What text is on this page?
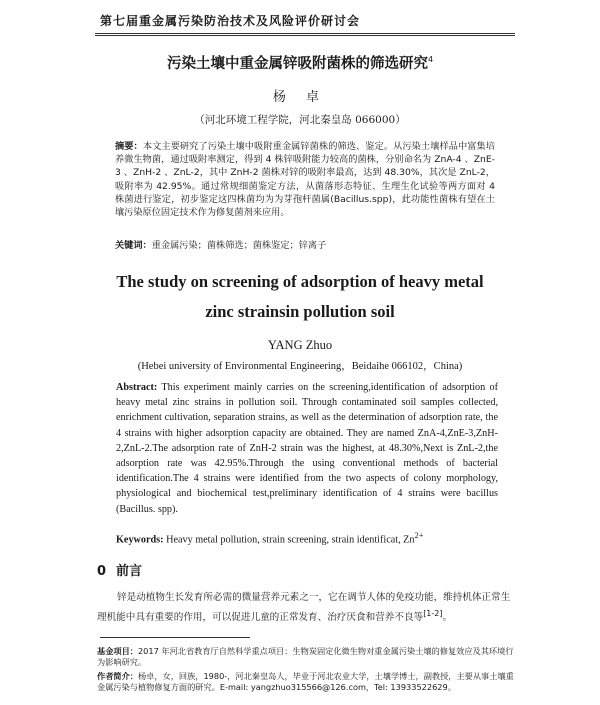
第七届重金属污染防治技术及风险评价研讨会
污染土壤中重金属锌吸附菌株的筛选研究$^4$
杨 卓
（河北环境工程学院，河北秦皇岛 066000）
摘要：本文主要研究了污染土壤中吸附重金属锌菌株的筛选、鉴定。从污染土壤样品中富集培养微生物菌，通过吸附率测定，得到 4 株锌吸附能力较高的菌株，分别命名为 ZnA-4 、ZnE-3 、ZnH-2 、ZnL-2，其中 ZnH-2 菌株对锌的吸附率最高，达到 48.30%，其次是 ZnL-2，吸附率为 42.95%。通过常规细菌鉴定方法，从菌落形态特征、生理生化试验等两方面对 4 株菌进行鉴定，初步鉴定这四株菌均为为芽孢杆菌属(Bacillus.spp)，此功能性菌株有望在土壤污染原位固定技术作为修复菌剂来应用。
关键词：重金属污染；菌株筛选；菌株鉴定；锌离子
The study on screening of adsorption of heavy metal
zinc strainsin pollution soil
YANG Zhuo
(Hebei university of Environmental Engineering，Beidaihe 066102，China)
Abstract: This experiment mainly carries on the screening,identification of adsorption of heavy metal zinc strains in pollution soil. Through contaminated soil samples collected, enrichment cultivation, separation strains, as well as the determination of adsorption rate, the 4 strains with higher adsorption capacity are obtained. They are named ZnA-4,ZnE-3,ZnH-2,ZnL-2.The adsorption rate of ZnH-2 strain was the highest, at 48.30%,Next is ZnL-2,the adsorption rate was 42.95%.Through the using conventional methods of bacterial identification.The 4 strains were identified from the two aspects of colony morphology, physiological and biochemical test,preliminary identification of 4 strains were bacillus (Bacillus. spp).
Keywords: Heavy metal pollution, strain screening, strain identificat, $Zn^{2+}$
0 前言
锌是动植物生长发育所必需的微量营养元素之一，它在调节人体的免疫功能，维持机体正常生理机能中具有重要的作用，可以促进儿童的正常发育、治疗厌食和营养不良等[1-2]。
基金项目：2017 年河北省教育厅自然科学重点项目：生物炭固定化微生物对重金属污染土壤的修复效应及其环境行为影响研究。
作者简介：杨卓，女，回族，1980-，河北秦皇岛人，毕业于河北农业大学，土壤学博士，副教授，主要从事土壤重金属污染与植物修复方面的研究。E-mail: yangzhuo315566@126.com，Tel: 13933522629。
